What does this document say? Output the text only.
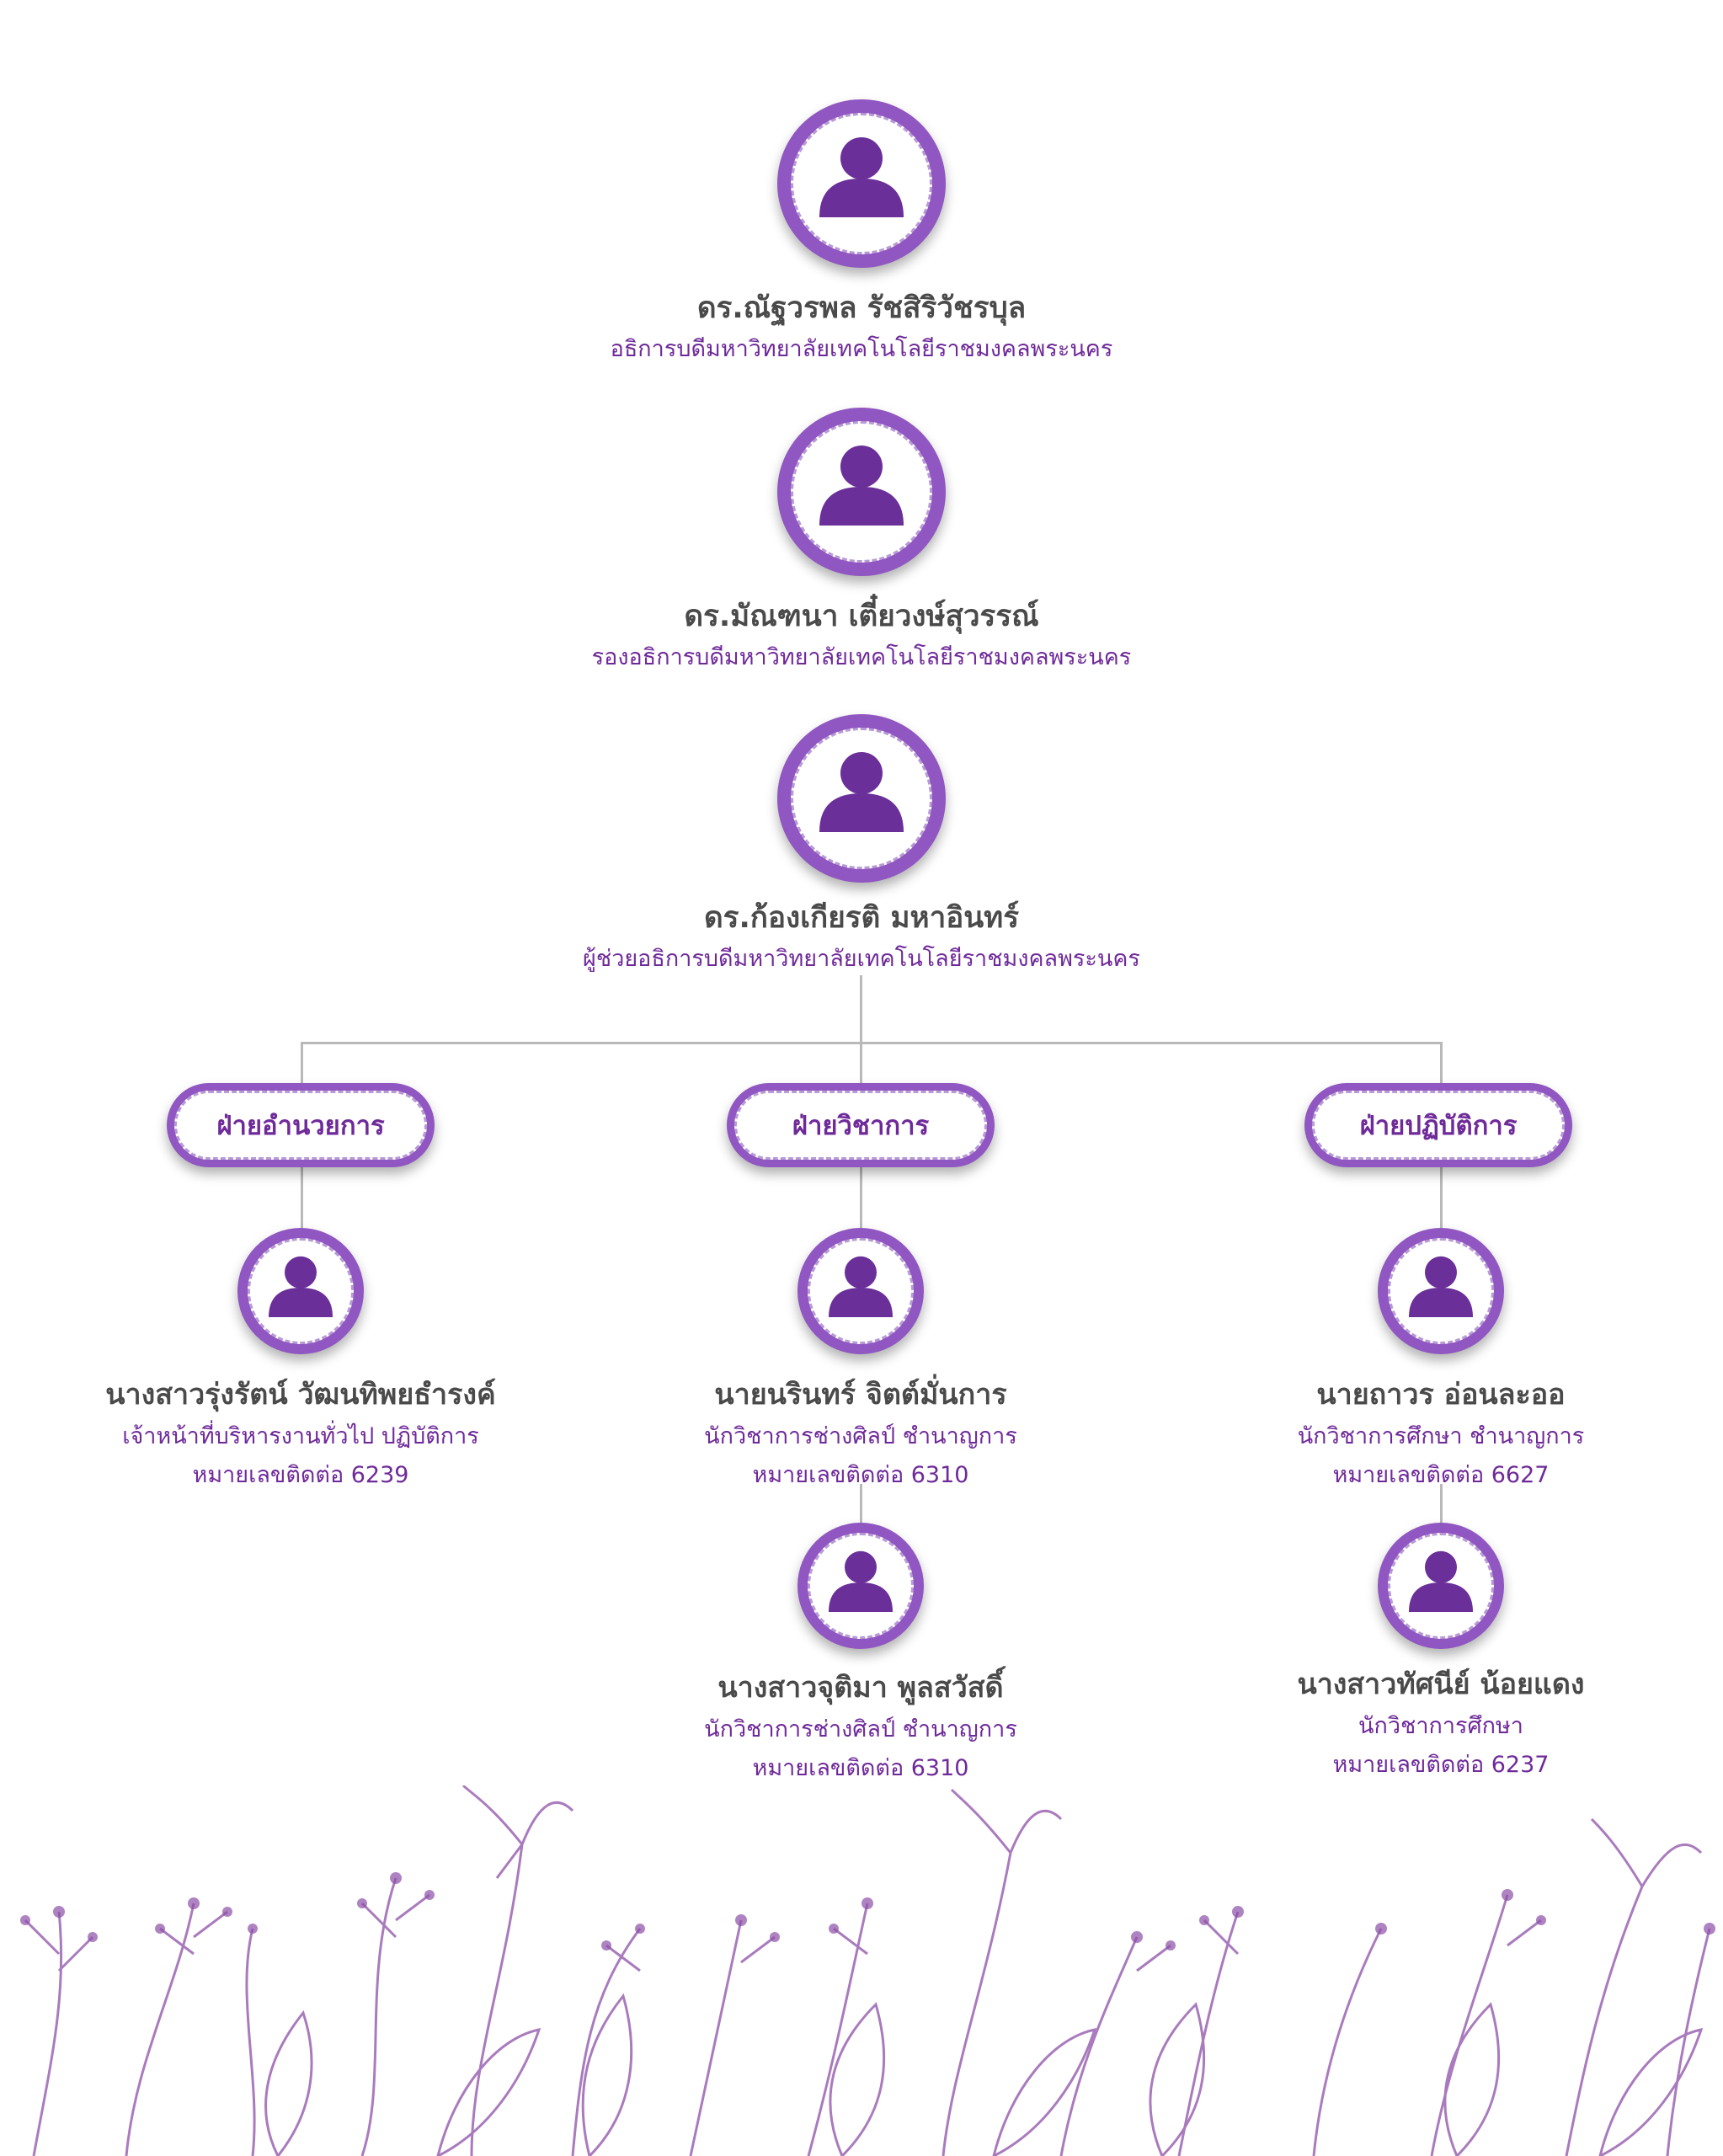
ดร.ณัฐวรพล รัชสิริวัชรบุล
อธิการบดีมหาวิทยาลัยเทคโนโลยีราชมงคลพระนคร
ดร.มัณฑนา เตี๋ยวงษ์สุวรรณ์
รองอธิการบดีมหาวิทยาลัยเทคโนโลยีราชมงคลพระนคร
ดร.ก้องเกียรติ มหาอินทร์
ผู้ช่วยอธิการบดีมหาวิทยาลัยเทคโนโลยีราชมงคลพระนคร
ฝ่ายอำนวยการ	ฝ่ายวิชาการ	ฝ่ายปฏิบัติการ
นางสาวรุ่งรัตน์ วัฒนทิพยธำรงค์
เจ้าหน้าที่บริหารงานทั่วไป ปฏิบัติการ
หมายเลขติดต่อ 6239
นายนรินทร์ จิตต์มั่นการ
นักวิชาการช่างศิลป์ ชำนาญการ
หมายเลขติดต่อ 6310
นางสาวจุติมา พูลสวัสดิ์
นักวิชาการช่างศิลป์ ชำนาญการ
หมายเลขติดต่อ 6310
นายถาวร อ่อนละออ
นักวิชาการศึกษา ชำนาญการ
หมายเลขติดต่อ 6627
นางสาวทัศนีย์ น้อยแดง
นักวิชาการศึกษา
หมายเลขติดต่อ 6237
